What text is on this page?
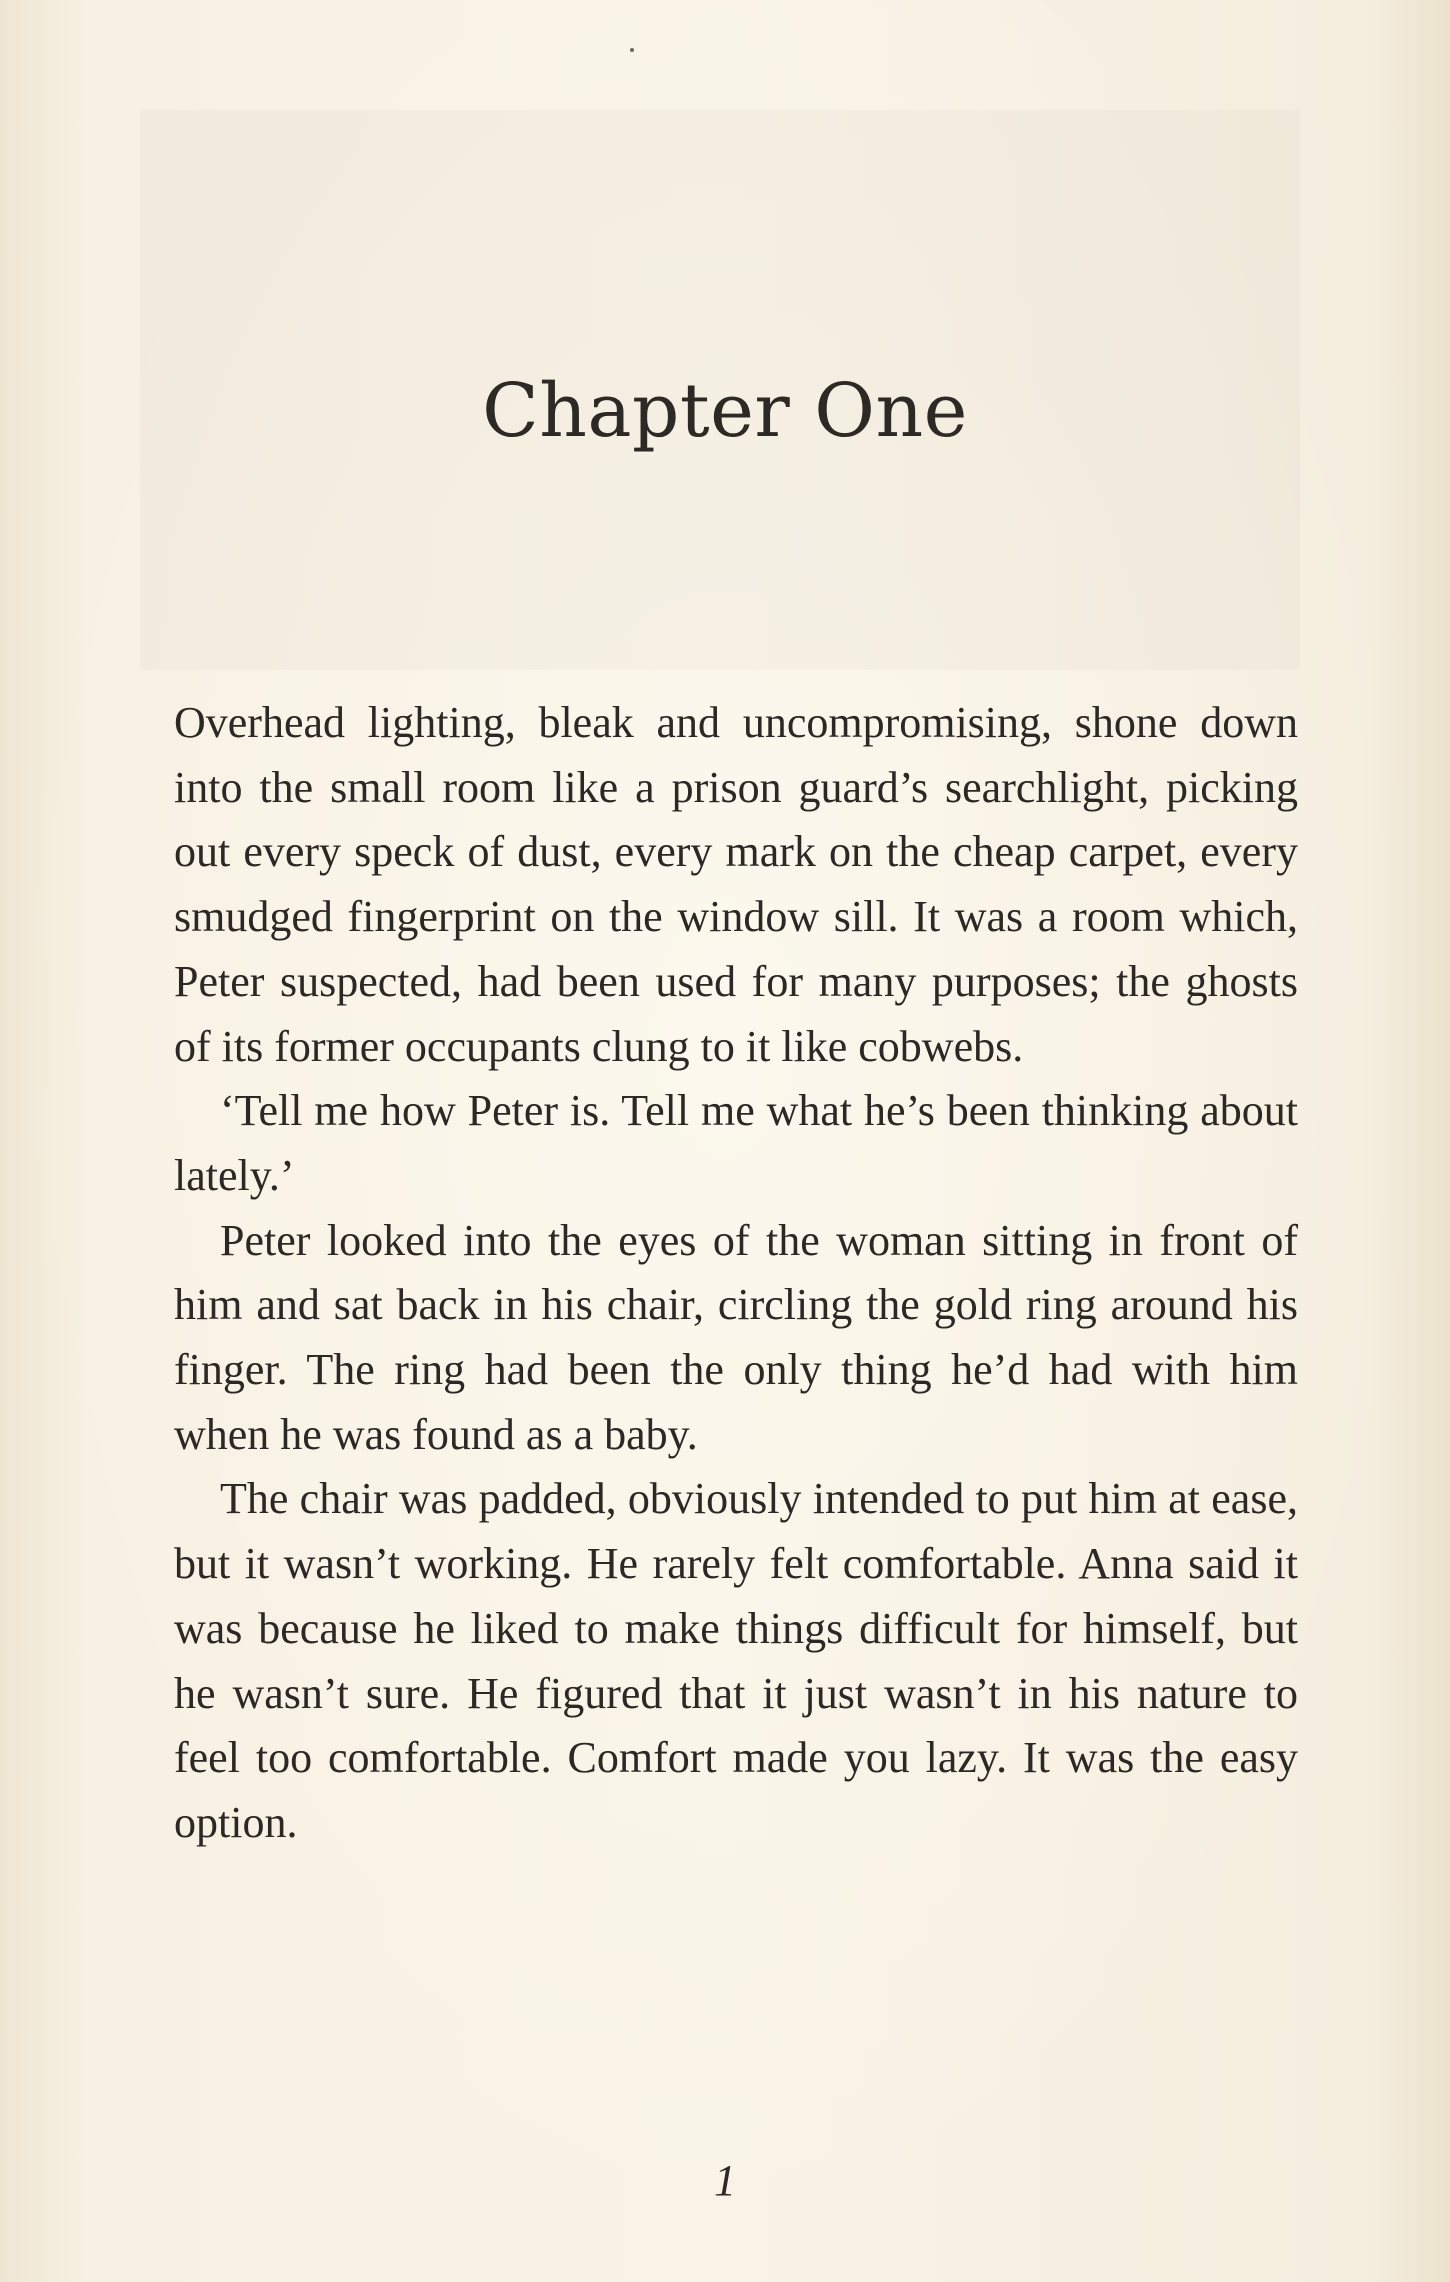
Chapter One

Overhead lighting, bleak and uncompromising, shone down into the small room like a prison guard’s searchlight, picking out every speck of dust, every mark on the cheap carpet, every smudged fingerprint on the window sill. It was a room which, Peter suspected, had been used for many purposes; the ghosts of its former occupants clung to it like cobwebs.

‘Tell me how Peter is. Tell me what he’s been thinking about lately.’

Peter looked into the eyes of the woman sitting in front of him and sat back in his chair, circling the gold ring around his finger. The ring had been the only thing he’d had with him when he was found as a baby.

The chair was padded, obviously intended to put him at ease, but it wasn’t working. He rarely felt comfortable. Anna said it was because he liked to make things difficult for himself, but he wasn’t sure. He figured that it just wasn’t in his nature to feel too comfortable. Comfort made you lazy. It was the easy option.

1
